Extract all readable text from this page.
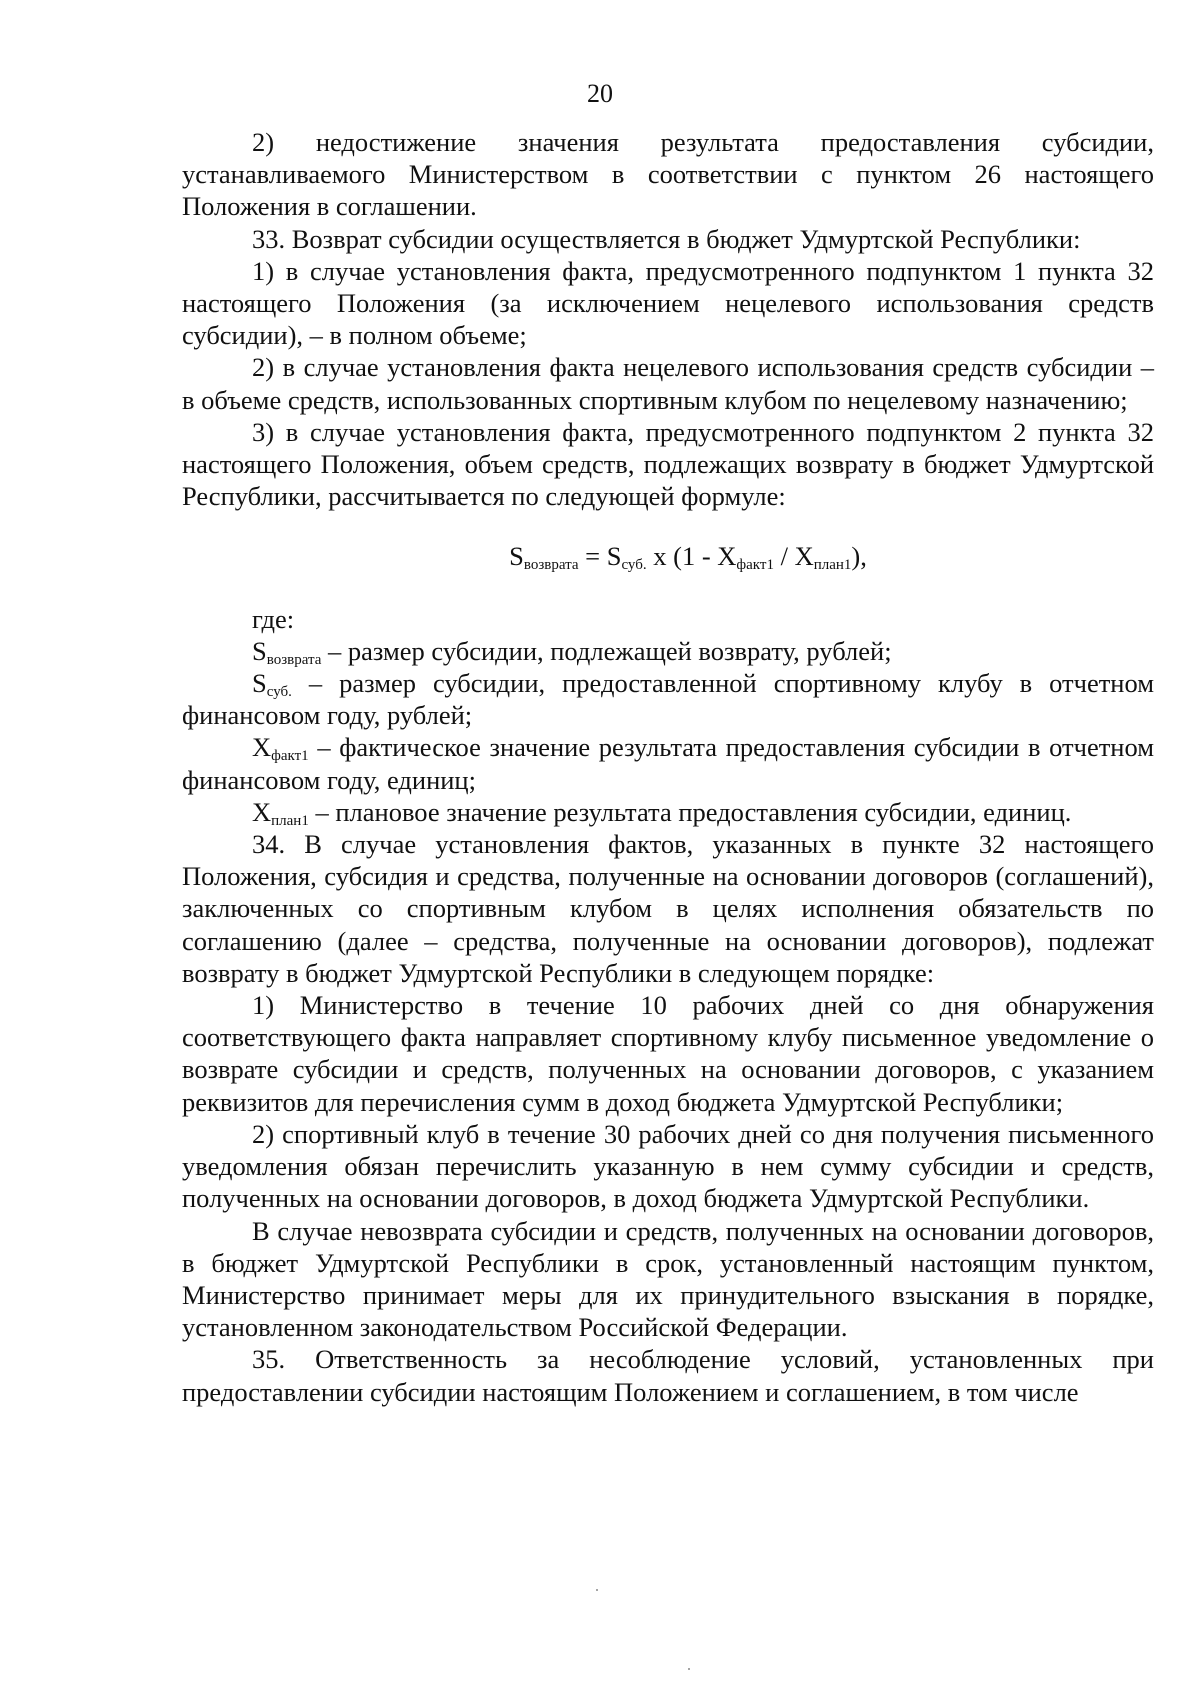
20

2) недостижение значения результата предоставления субсидии, устанавливаемого Министерством в соответствии с пунктом 26 настоящего Положения в соглашении.

33. Возврат субсидии осуществляется в бюджет Удмуртской Республики:

1) в случае установления факта, предусмотренного подпунктом 1 пункта 32 настоящего Положения (за исключением нецелевого использования средств субсидии), – в полном объеме;

2) в случае установления факта нецелевого использования средств субсидии – в объеме средств, использованных спортивным клубом по нецелевому назначению;

3) в случае установления факта, предусмотренного подпунктом 2 пункта 32 настоящего Положения, объем средств, подлежащих возврату в бюджет Удмуртской Республики, рассчитывается по следующей формуле:

$S_{возврата} = S_{суб.}$ x $(1 - X_{факт1} / X_{план1})$,

где:

$S_{возврата}$ – размер субсидии, подлежащей возврату, рублей;

$S_{суб.}$ – размер субсидии, предоставленной спортивному клубу в отчетном финансовом году, рублей;

$X_{факт1}$ – фактическое значение результата предоставления субсидии в отчетном финансовом году, единиц;

$X_{план1}$ – плановое значение результата предоставления субсидии, единиц.

34. В случае установления фактов, указанных в пункте 32 настоящего Положения, субсидия и средства, полученные на основании договоров (соглашений), заключенных со спортивным клубом в целях исполнения обязательств по соглашению (далее – средства, полученные на основании договоров), подлежат возврату в бюджет Удмуртской Республики в следующем порядке:

1) Министерство в течение 10 рабочих дней со дня обнаружения соответствующего факта направляет спортивному клубу письменное уведомление о возврате субсидии и средств, полученных на основании договоров, с указанием реквизитов для перечисления сумм в доход бюджета Удмуртской Республики;

2) спортивный клуб в течение 30 рабочих дней со дня получения письменного уведомления обязан перечислить указанную в нем сумму субсидии и средств, полученных на основании договоров, в доход бюджета Удмуртской Республики.

В случае невозврата субсидии и средств, полученных на основании договоров, в бюджет Удмуртской Республики в срок, установленный настоящим пунктом, Министерство принимает меры для их принудительного взыскания в порядке, установленном законодательством Российской Федерации.

35. Ответственность за несоблюдение условий, установленных при предоставлении субсидии настоящим Положением и соглашением, в том числе
